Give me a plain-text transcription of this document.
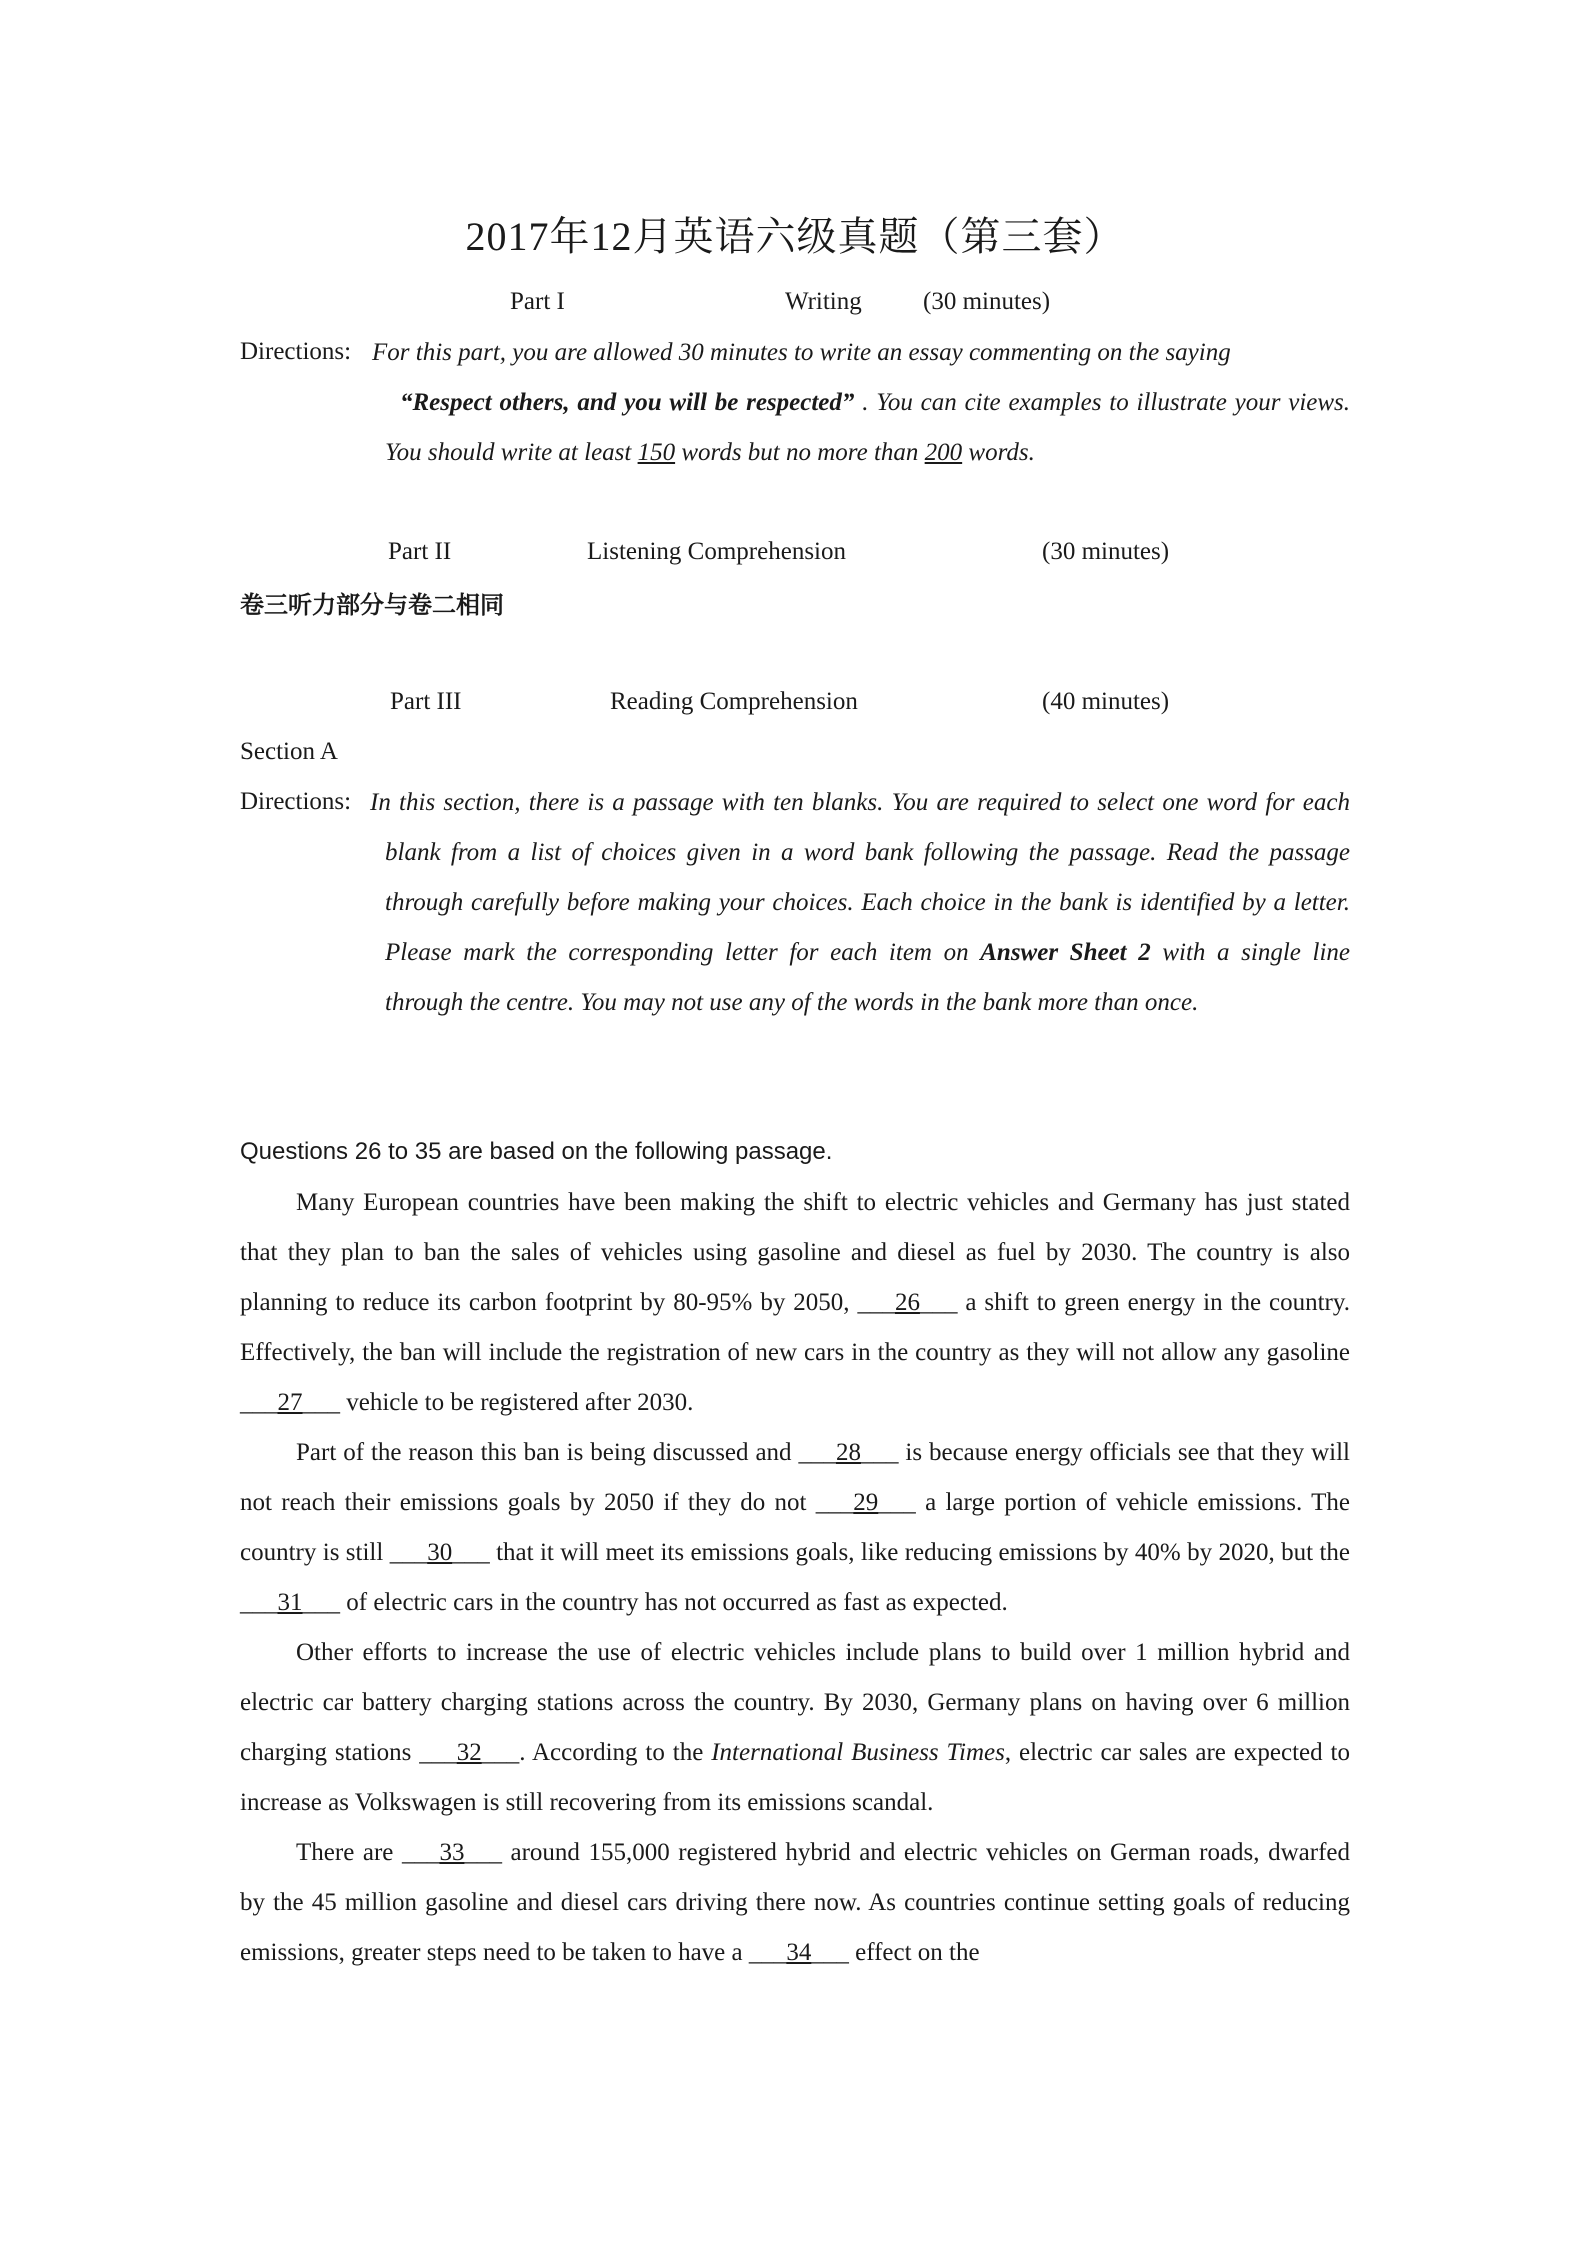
2017年12月英语六级真题（第三套）
Part I	Writing (30 minutes)
Directions: For this part, you are allowed 30 minutes to write an essay commenting on the saying
“Respect others, and you will be respected” . You can cite examples to illustrate your views. You should write at least 150 words but no more than 200 words.
Part II	Listening Comprehension	(30 minutes)
卷三听力部分与卷二相同
Part III	Reading Comprehension	(40 minutes)
Section A
Directions: In this section, there is a passage with ten blanks. You are required to select one word for each blank from a list of choices given in a word bank following the passage. Read the passage through carefully before making your choices. Each choice in the bank is identified by a letter. Please mark the corresponding letter for each item on Answer Sheet 2 with a single line through the centre. You may not use any of the words in the bank more than once.
Questions 26 to 35 are based on the following passage.

Many European countries have been making the shift to electric vehicles and Germany has just stated that they plan to ban the sales of vehicles using gasoline and diesel as fuel by 2030. The country is also planning to reduce its carbon footprint by 80-95% by 2050, ___26___ a shift to green energy in the country. Effectively, the ban will include the registration of new cars in the country as they will not allow any gasoline ___27___ vehicle to be registered after 2030.

Part of the reason this ban is being discussed and ___28___ is because energy officials see that they will not reach their emissions goals by 2050 if they do not ___29___ a large portion of vehicle emissions. The country is still ___30___ that it will meet its emissions goals, like reducing emissions by 40% by 2020, but the ___31___ of electric cars in the country has not occurred as fast as expected.

Other efforts to increase the use of electric vehicles include plans to build over 1 million hybrid and electric car battery charging stations across the country. By 2030, Germany plans on having over 6 million charging stations ___32___. According to the International Business Times, electric car sales are expected to increase as Volkswagen is still recovering from its emissions scandal.

There are ___33___ around 155,000 registered hybrid and electric vehicles on German roads, dwarfed by the 45 million gasoline and diesel cars driving there now. As countries continue setting goals of reducing emissions, greater steps need to be taken to have a ___34___ effect on the
